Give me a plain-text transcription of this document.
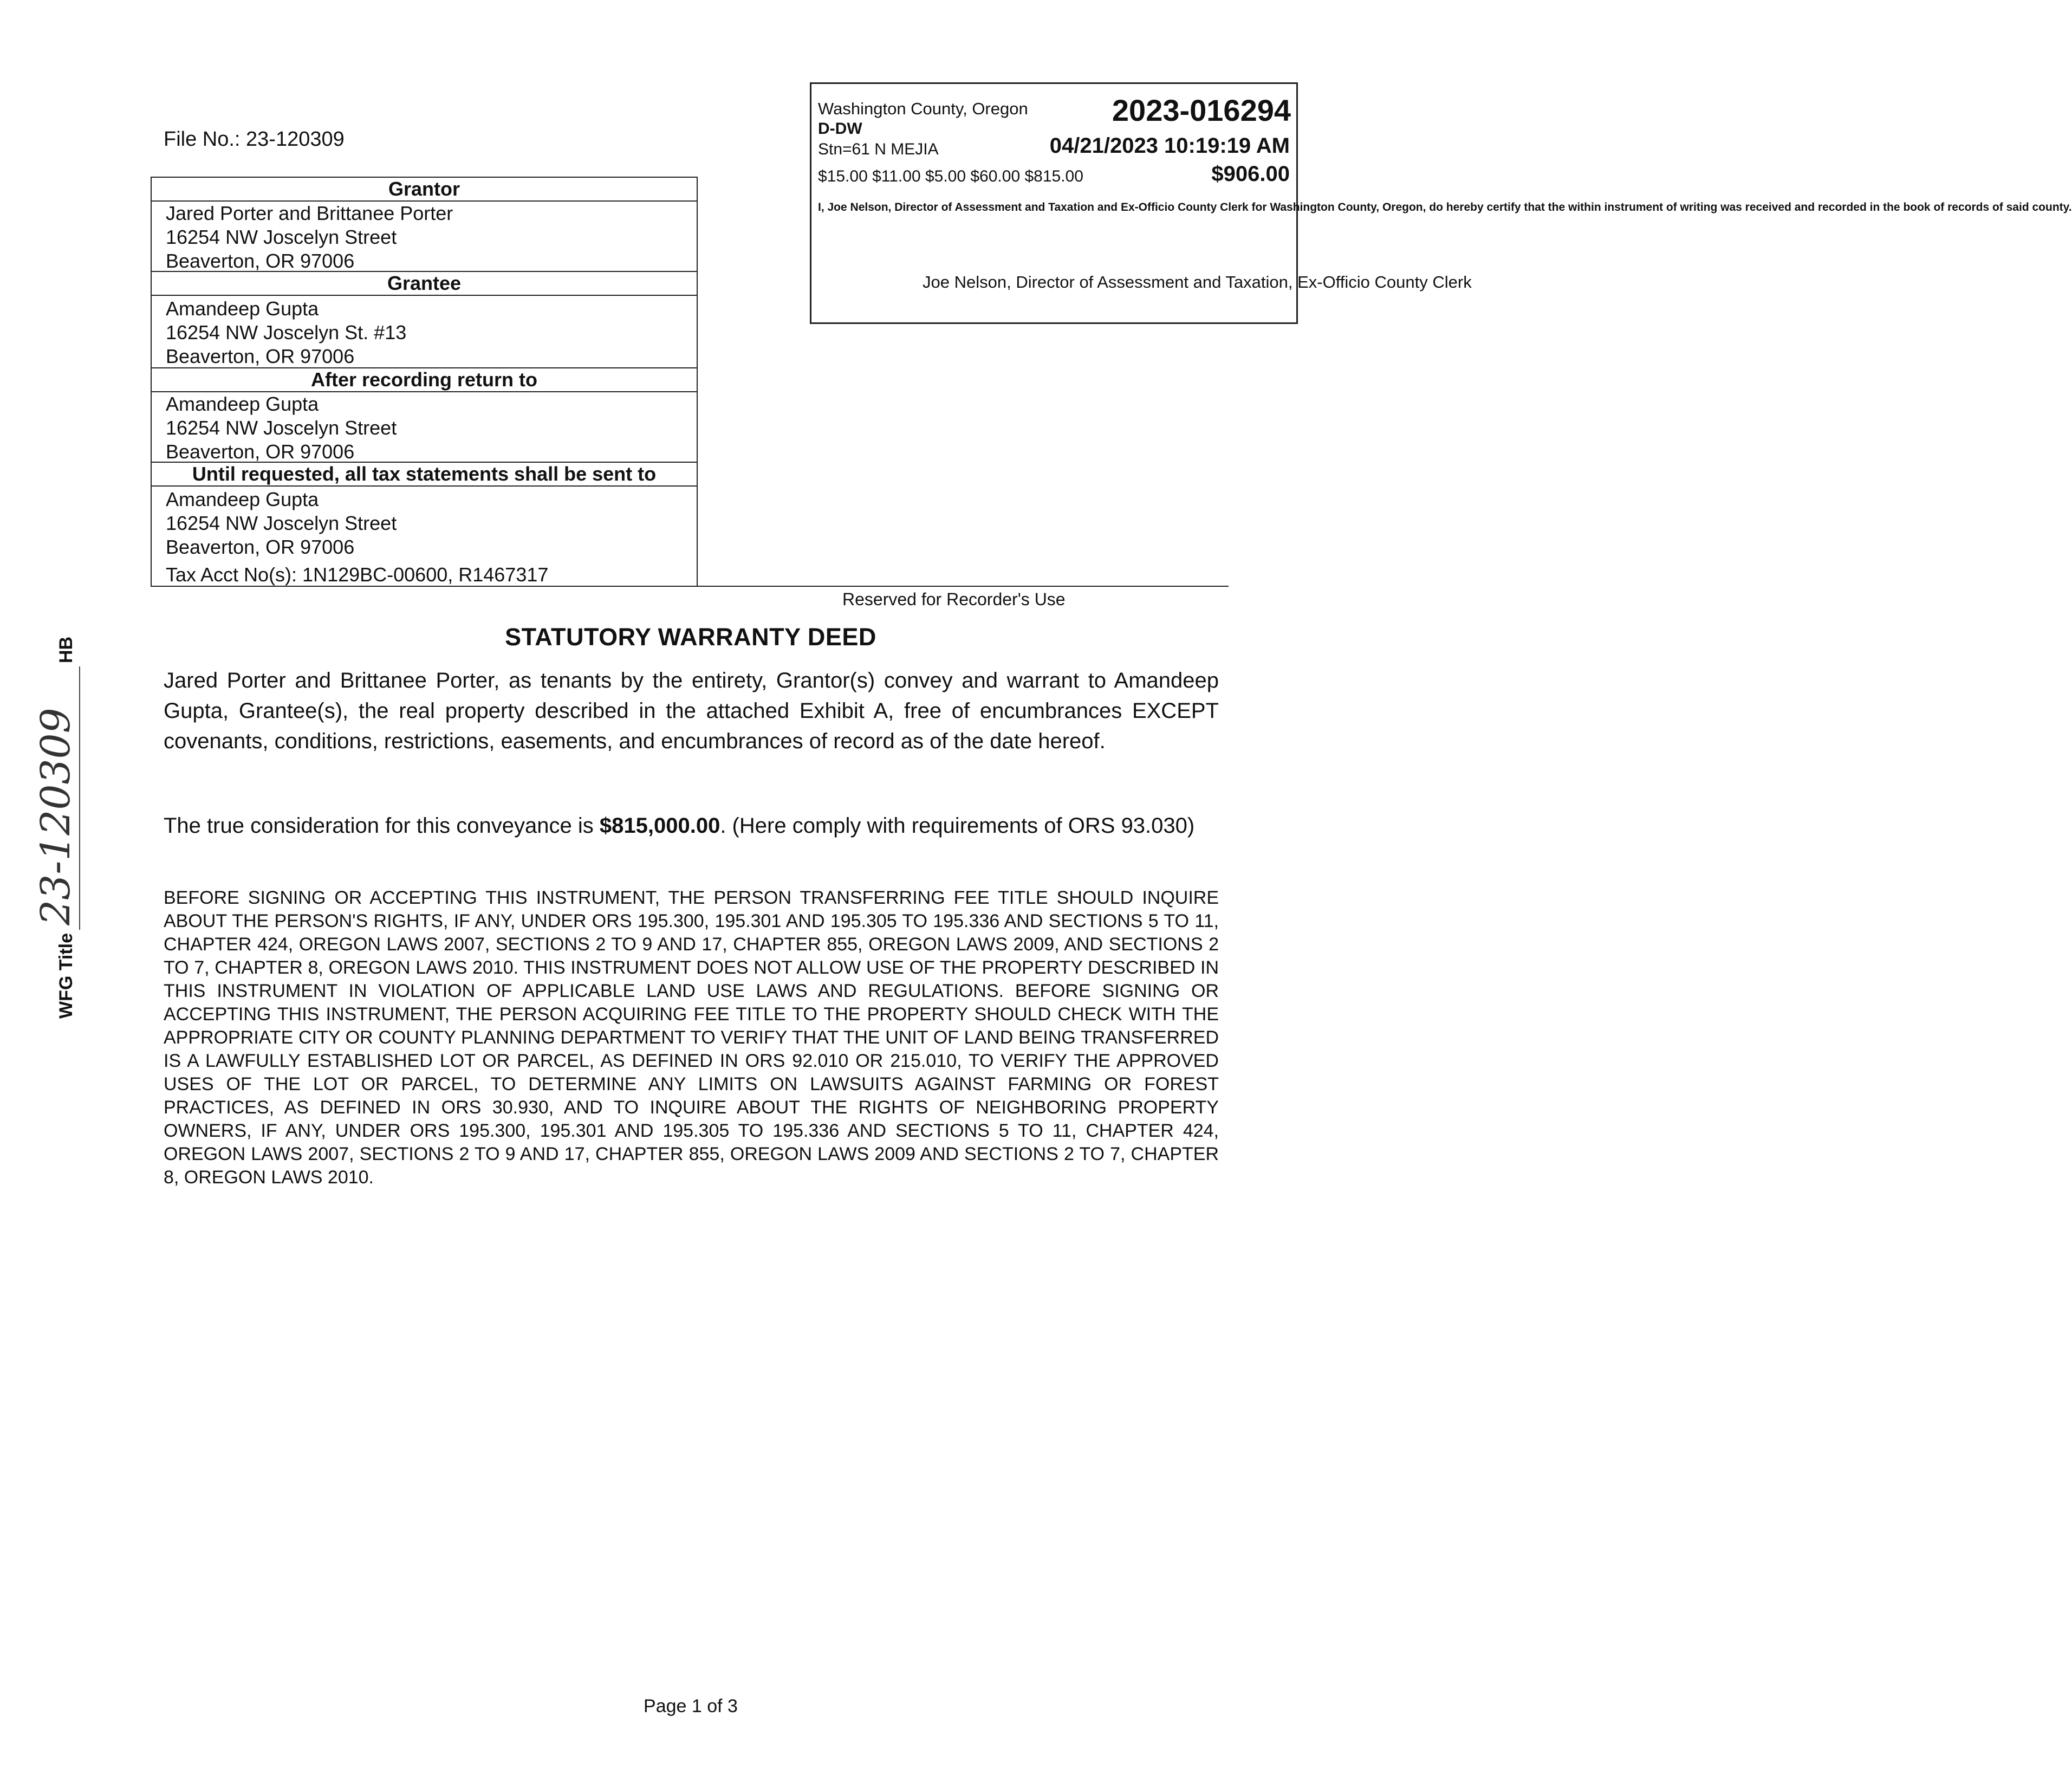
File No.: 23-120309
Grantor
Jared Porter and Brittanee Porter
16254 NW Joscelyn Street
Beaverton, OR 97006
Grantee
Amandeep Gupta
16254 NW Joscelyn St. #13
Beaverton, OR 97006
After recording return to
Amandeep Gupta
16254 NW Joscelyn Street
Beaverton, OR 97006
Until requested, all tax statements shall be sent to
Amandeep Gupta
16254 NW Joscelyn Street
Beaverton, OR 97006
Tax Acct No(s): 1N129BC-00600, R1467317
Washington County, Oregon	2023-016294
D-DW
Stn=61 N MEJIA	04/21/2023 10:19:19 AM
$15.00 $11.00 $5.00 $60.00 $815.00	$906.00
I, Joe Nelson, Director of Assessment and Taxation and Ex-Officio County Clerk for Washington County, Oregon, do hereby certify that the within instrument of writing was received and recorded in the book of records of said county.
Joe Nelson, Director of Assessment and Taxation, Ex-Officio County Clerk
Reserved for Recorder's Use
STATUTORY WARRANTY DEED
Jared Porter and Brittanee Porter, as tenants by the entirety, Grantor(s) convey and warrant to Amandeep Gupta, Grantee(s), the real property described in the attached Exhibit A, free of encumbrances EXCEPT covenants, conditions, restrictions, easements, and encumbrances of record as of the date hereof.
The true consideration for this conveyance is $815,000.00. (Here comply with requirements of ORS 93.030)
BEFORE SIGNING OR ACCEPTING THIS INSTRUMENT, THE PERSON TRANSFERRING FEE TITLE SHOULD INQUIRE ABOUT THE PERSON'S RIGHTS, IF ANY, UNDER ORS 195.300, 195.301 AND 195.305 TO 195.336 AND SECTIONS 5 TO 11, CHAPTER 424, OREGON LAWS 2007, SECTIONS 2 TO 9 AND 17, CHAPTER 855, OREGON LAWS 2009, AND SECTIONS 2 TO 7, CHAPTER 8, OREGON LAWS 2010. THIS INSTRUMENT DOES NOT ALLOW USE OF THE PROPERTY DESCRIBED IN THIS INSTRUMENT IN VIOLATION OF APPLICABLE LAND USE LAWS AND REGULATIONS. BEFORE SIGNING OR ACCEPTING THIS INSTRUMENT, THE PERSON ACQUIRING FEE TITLE TO THE PROPERTY SHOULD CHECK WITH THE APPROPRIATE CITY OR COUNTY PLANNING DEPARTMENT TO VERIFY THAT THE UNIT OF LAND BEING TRANSFERRED IS A LAWFULLY ESTABLISHED LOT OR PARCEL, AS DEFINED IN ORS 92.010 OR 215.010, TO VERIFY THE APPROVED USES OF THE LOT OR PARCEL, TO DETERMINE ANY LIMITS ON LAWSUITS AGAINST FARMING OR FOREST PRACTICES, AS DEFINED IN ORS 30.930, AND TO INQUIRE ABOUT THE RIGHTS OF NEIGHBORING PROPERTY OWNERS, IF ANY, UNDER ORS 195.300, 195.301 AND 195.305 TO 195.336 AND SECTIONS 5 TO 11, CHAPTER 424, OREGON LAWS 2007, SECTIONS 2 TO 9 AND 17, CHAPTER 855, OREGON LAWS 2009 AND SECTIONS 2 TO 7, CHAPTER 8, OREGON LAWS 2010.
WFG Title
23-120309
HB
Page 1 of 3
